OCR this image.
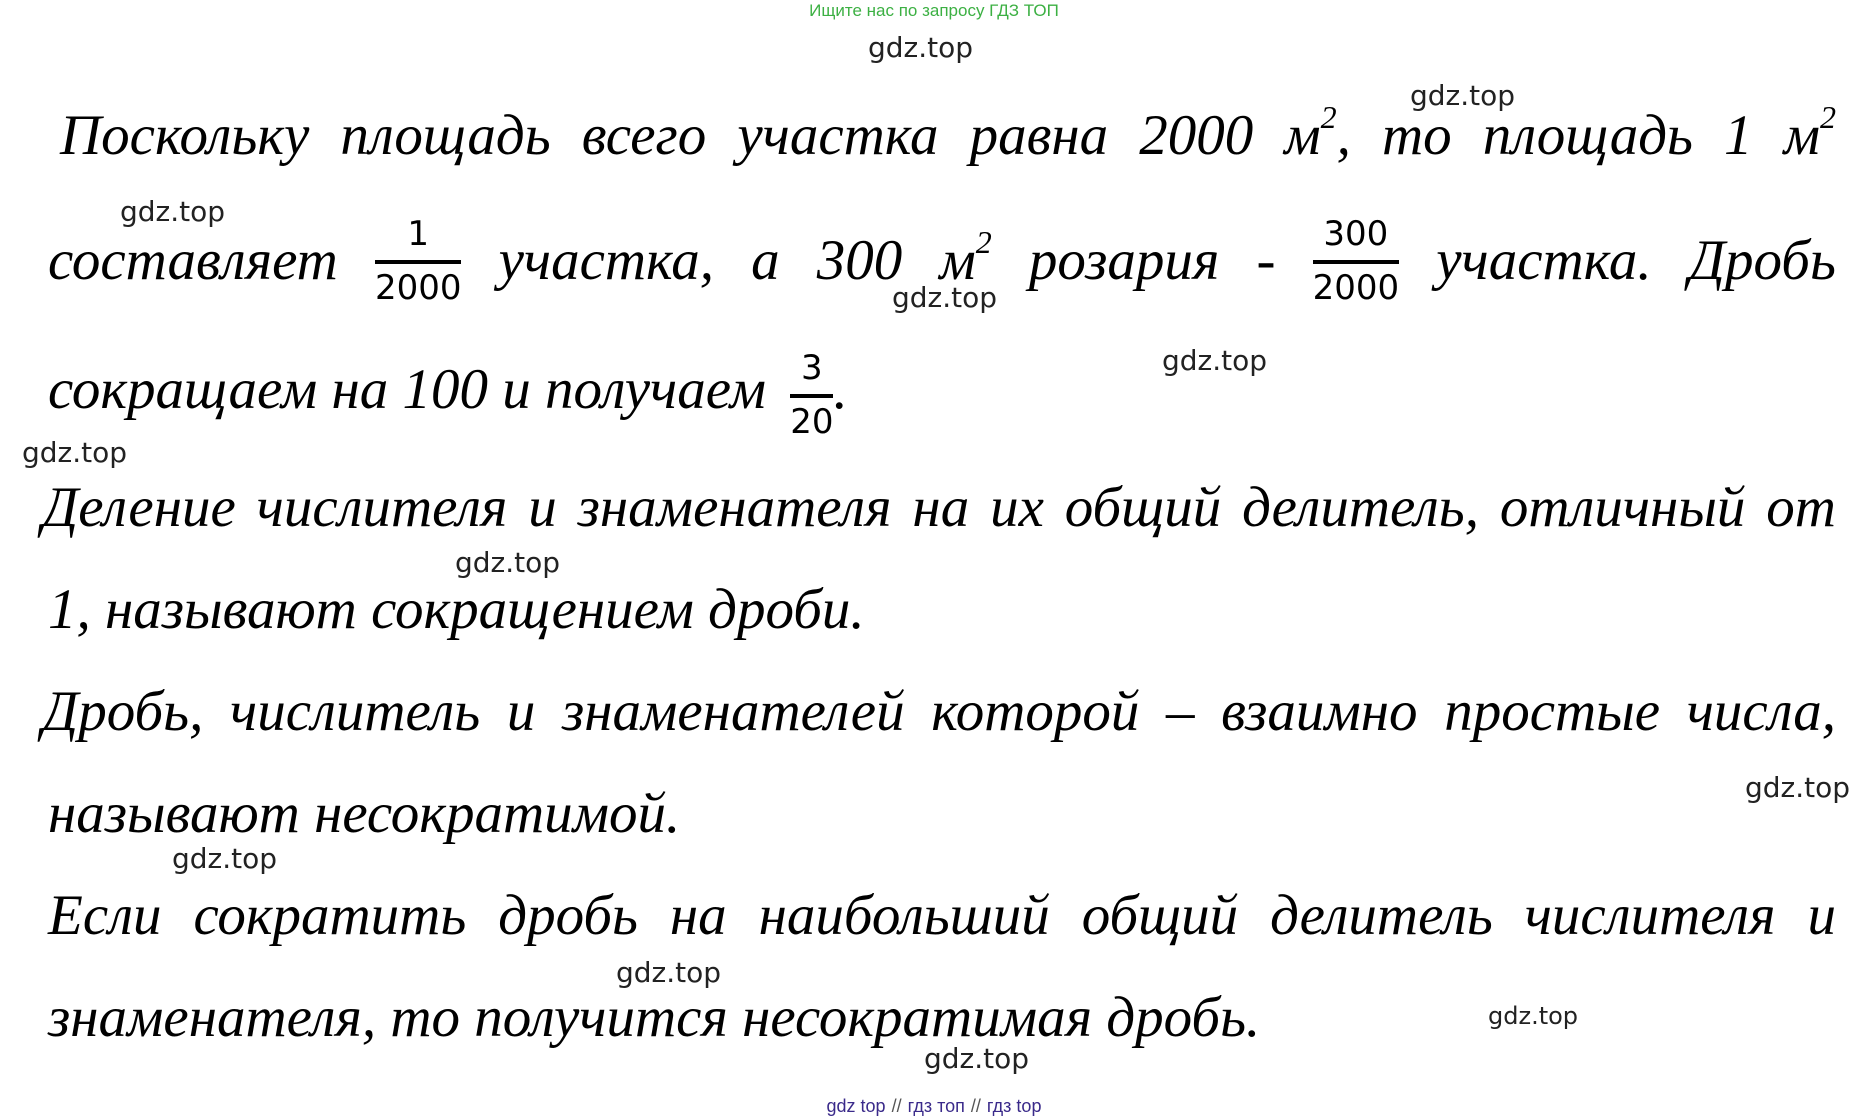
Ищите нас по запросу ГДЗ ТОП
gdz.top
gdz.top
gdz.top
gdz.top
gdz.top
gdz.top
gdz.top
gdz.top
gdz.top
gdz.top
gdz.top
gdz.top
Поскольку площадь всего участка равна 2000 $м^2$, то площадь 1 $м^2$
составляет $\frac{1}{2000}$ участка, а 300 $м^2$ розария - $\frac{300}{2000}$ участка. Дробь
сокращаем на 100 и получаем $\frac{3}{20}$ .
Деление числителя и знаменателя на их общий делитель, отличный от
1, называют сокращением дроби.
Дробь, числитель и знаменателей которой – взаимно простые числа,
называют несократимой.
Если сократить дробь на наибольший общий делитель числителя и
знаменателя, то получится несократимая дробь.
gdz top // гдз топ // гдз top
